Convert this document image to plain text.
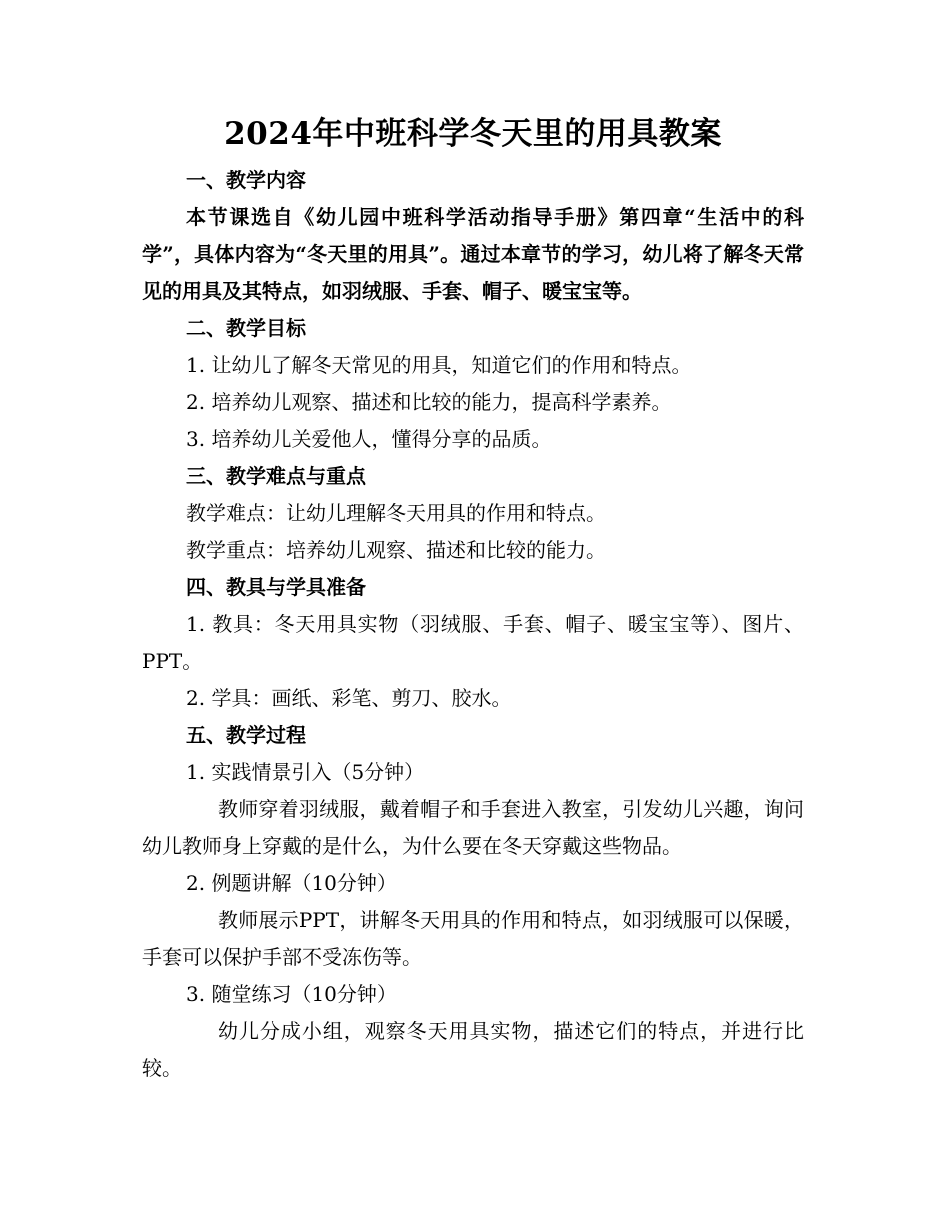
2024年中班科学冬天里的用具教案

一、教学内容

本节课选自《幼儿园中班科学活动指导手册》第四章“生活中的科学”，具体内容为“冬天里的用具”。通过本章节的学习，幼儿将了解冬天常见的用具及其特点，如羽绒服、手套、帽子、暖宝宝等。

二、教学目标

1. 让幼儿了解冬天常见的用具，知道它们的作用和特点。

2. 培养幼儿观察、描述和比较的能力，提高科学素养。

3. 培养幼儿关爱他人，懂得分享的品质。

三、教学难点与重点

教学难点：让幼儿理解冬天用具的作用和特点。

教学重点：培养幼儿观察、描述和比较的能力。

四、教具与学具准备

1. 教具：冬天用具实物（羽绒服、手套、帽子、暖宝宝等）、图片、PPT。

2. 学具：画纸、彩笔、剪刀、胶水。

五、教学过程

1. 实践情景引入（5分钟）

教师穿着羽绒服，戴着帽子和手套进入教室，引发幼儿兴趣，询问幼儿教师身上穿戴的是什么，为什么要在冬天穿戴这些物品。

2. 例题讲解（10分钟）

教师展示PPT，讲解冬天用具的作用和特点，如羽绒服可以保暖，手套可以保护手部不受冻伤等。

3. 随堂练习（10分钟）

幼儿分成小组，观察冬天用具实物，描述它们的特点，并进行比较。
